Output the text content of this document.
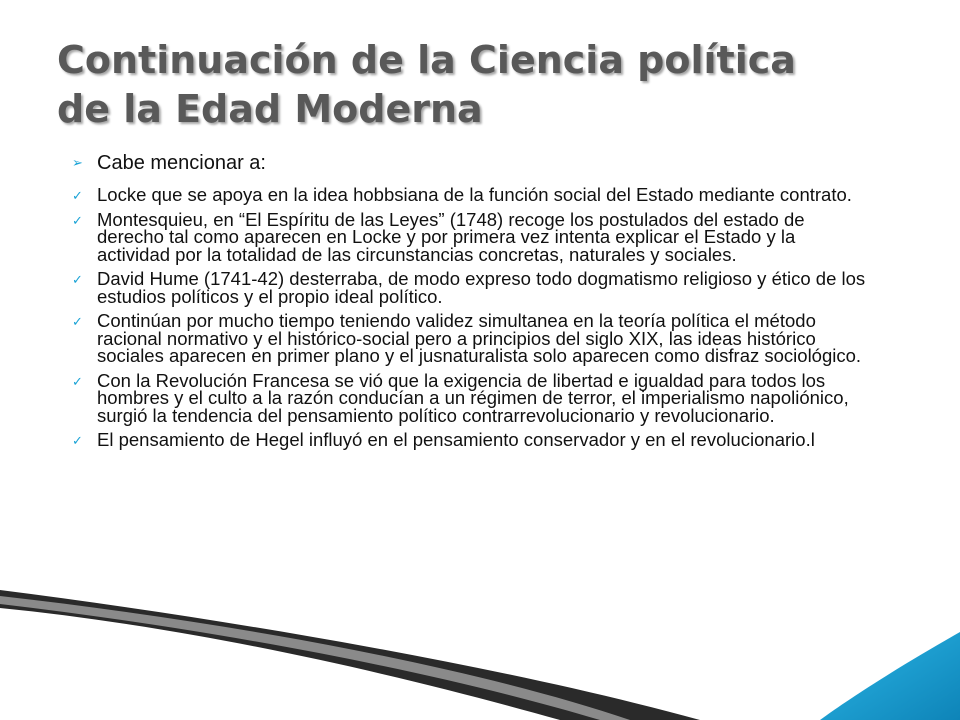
Continuación de la Ciencia política
de la Edad Moderna

➢ Cabe mencionar a:

✓ Locke que se apoya en la idea hobbsiana de la función social del Estado mediante contrato.
✓ Montesquieu, en “El Espíritu de las Leyes” (1748) recoge los postulados del estado de derecho tal como aparecen en Locke y por primera vez intenta explicar el Estado y la actividad por la totalidad de las circunstancias concretas, naturales y sociales.
✓ David Hume (1741-42) desterraba, de modo expreso todo dogmatismo religioso y ético de los estudios políticos y el propio ideal político.
✓ Continúan por mucho tiempo teniendo validez simultanea en la teoría política el método racional normativo y el histórico-social pero a principios del siglo XIX, las ideas histórico sociales aparecen en primer plano y el jusnaturalista solo aparecen como disfraz sociológico.
✓ Con la Revolución Francesa se vió que la exigencia de libertad e igualdad para todos los hombres y el culto a la razón conducían a un régimen de terror, el imperialismo napoliónico, surgió la tendencia del pensamiento político contrarrevolucionario y revolucionario.
✓ El pensamiento de Hegel influyó en el pensamiento conservador y en el revolucionario.l
